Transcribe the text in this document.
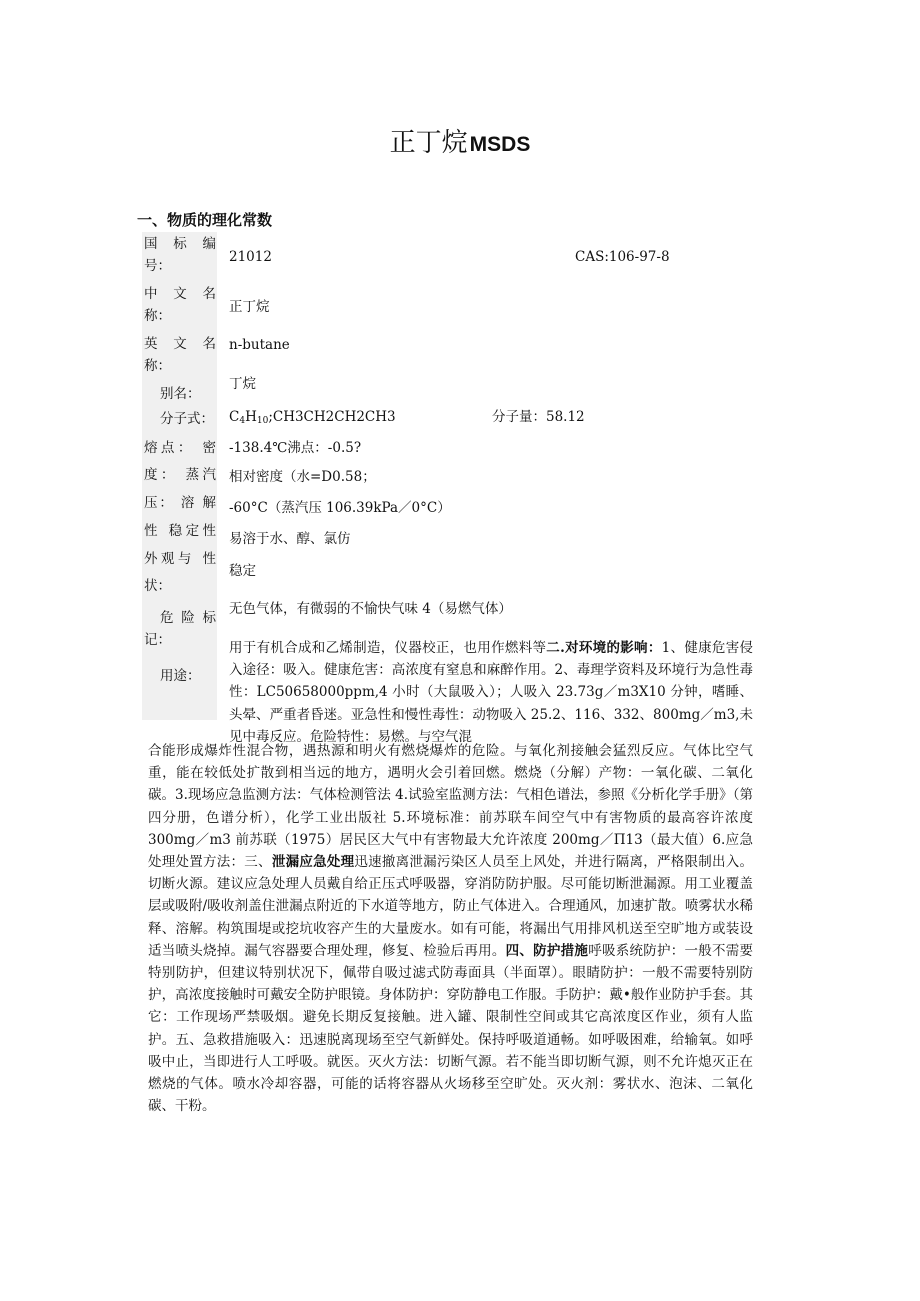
正丁烷MSDS
一、物质的理化常数
国 标 编
号：
中 文 名
称：
英 文 名
称：
别名：
分子式：
熔点： 密
度： 蒸汽
压： 溶 解
性 稳定性
外观与 性
状：
危 险 标
记：
用途：
21012	CAS:106-97-8
正丁烷
n-butane
丁烷
$C_4H_{10};CH3CH2CH2CH3$	分子量：58.12
-138.4℃沸点：-0.5?
相对密度（水=D0.58；
-60°C（蒸汽压 106.39kPa／0°C）
易溶于水、醇、氯仿
稳定
无色气体，有微弱的不愉快气味 4（易燃气体）
用于有机合成和乙烯制造，仪器校正，也用作燃料等二.对环境的影响：1、健康危害侵入途径：吸入。健康危害：高浓度有窒息和麻醉作用。2、毒理学资料及环境行为急性毒性：LC50658000ppm,4 小时（大鼠吸入）；人吸入 23.73g／m3X10 分钟，嗜睡、头晕、严重者昏迷。亚急性和慢性毒性：动物吸入 25.2、116、332、800mg／m3,未见中毒反应。危险特性：易燃。与空气混
合能形成爆炸性混合物，遇热源和明火有燃烧爆炸的危险。与氧化剂接触会猛烈反应。气体比空气重，能在较低处扩散到相当远的地方，遇明火会引着回燃。燃烧（分解）产物：一氧化碳、二氧化碳。3.现场应急监测方法：气体检测管法 4.试验室监测方法：气相色谱法，参照《分析化学手册》（第四分册，色谱分析），化学工业出版社 5.环境标准：前苏联车间空气中有害物质的最高容许浓度 300mg／m3 前苏联（1975）居民区大气中有害物最大允许浓度 200mg／Π13（最大值）6.应急处理处置方法：三、泄漏应急处理迅速撤离泄漏污染区人员至上风处，并进行隔离，严格限制出入。切断火源。建议应急处理人员戴自给正压式呼吸器，穿消防防护服。尽可能切断泄漏源。用工业覆盖层或吸附/吸收剂盖住泄漏点附近的下水道等地方，防止气体进入。合理通风，加速扩散。喷雾状水稀释、溶解。构筑围堤或挖坑收容产生的大量废水。如有可能，将漏出气用排风机送至空旷地方或装设适当喷头烧掉。漏气容器要合理处理，修复、检验后再用。四、防护措施呼吸系统防护：一般不需要特别防护，但建议特别状况下，佩带自吸过滤式防毒面具（半面罩）。眼睛防护：一般不需要特别防护，高浓度接触时可戴安全防护眼镜。身体防护：穿防静电工作服。手防护：戴•般作业防护手套。其它：工作现场严禁吸烟。避免长期反复接触。进入罐、限制性空间或其它高浓度区作业，须有人监护。五、急救措施吸入：迅速脱离现场至空气新鲜处。保持呼吸道通畅。如呼吸困难，给输氧。如呼吸中止，当即进行人工呼吸。就医。灭火方法：切断气源。若不能当即切断气源，则不允许熄灭正在燃烧的气体。喷水冷却容器，可能的话将容器从火场移至空旷处。灭火剂：雾状水、泡沫、二氧化碳、干粉。
